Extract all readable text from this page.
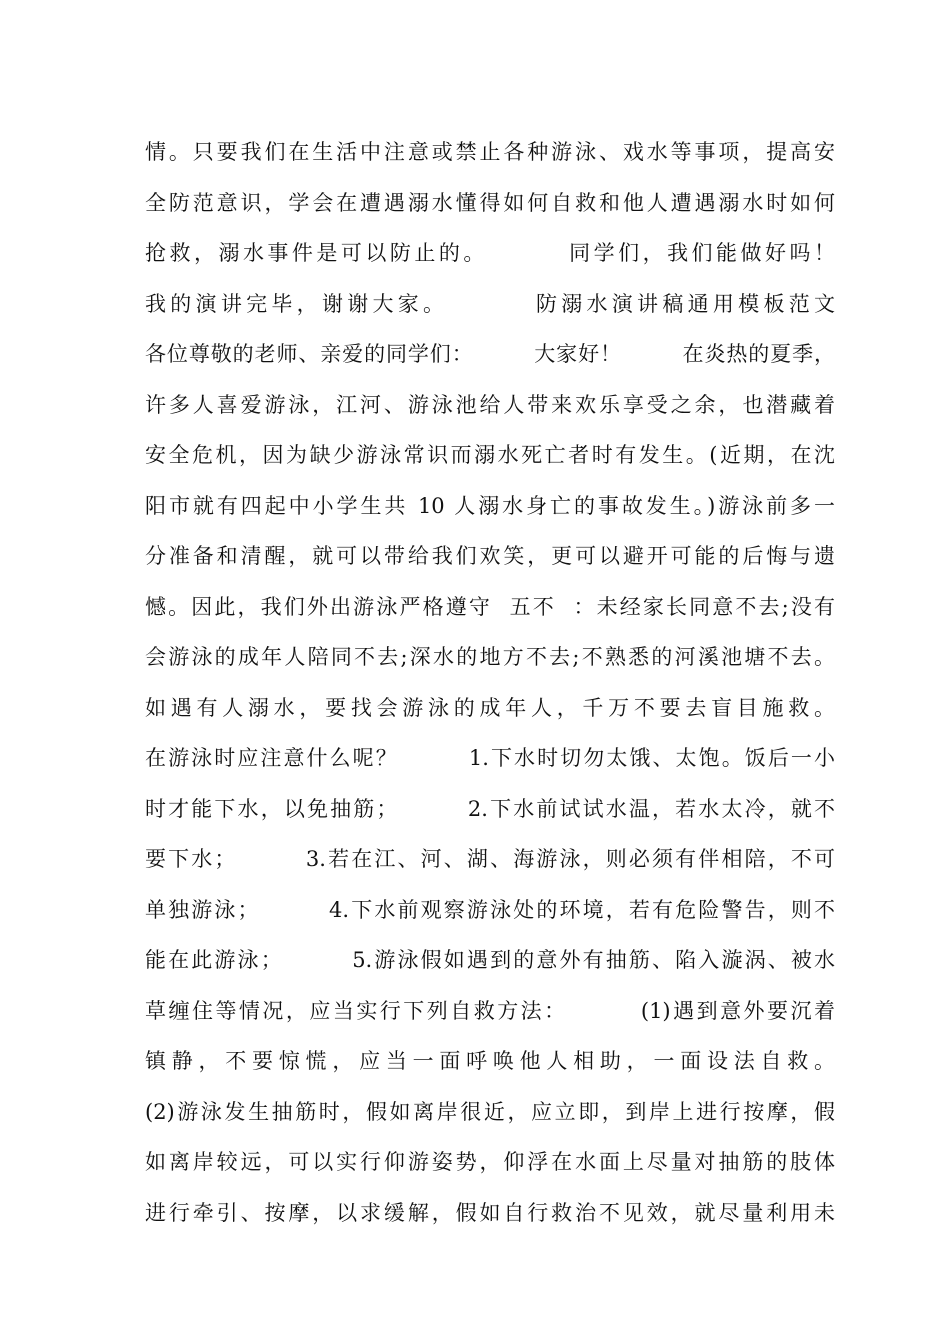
情。只要我们在生活中注意或禁止各种游泳、戏水等事项，提高安
全防范意识，学会在遭遇溺水懂得如何自救和他人遭遇溺水时如何
抢救，溺水事件是可以防止的。        同学们，我们能做好吗！
我的演讲完毕，谢谢大家。        防溺水演讲稿通用模板范文
各位尊敬的老师、亲爱的同学们：        大家好！        在炎热的夏季，
许多人喜爱游泳，江河、游泳池给人带来欢乐享受之余，也潜藏着
安全危机，因为缺少游泳常识而溺水死亡者时有发生。(近期，在沈
阳市就有四起中小学生共 10 人溺水身亡的事故发生。)游泳前多一
分准备和清醒，就可以带给我们欢笑，更可以避开可能的后悔与遗
憾。因此，我们外出游泳严格遵守  五不  ：未经家长同意不去;没有
会游泳的成年人陪同不去;深水的地方不去;不熟悉的河溪池塘不去。
如遇有人溺水，要找会游泳的成年人，千万不要去盲目施救。
在游泳时应注意什么呢？        1.下水时切勿太饿、太饱。饭后一小
时才能下水，以免抽筋；        2.下水前试试水温，若水太冷，就不
要下水；        3.若在江、河、湖、海游泳，则必须有伴相陪，不可
单独游泳；        4.下水前观察游泳处的环境，若有危险警告，则不
能在此游泳；        5.游泳假如遇到的意外有抽筋、陷入漩涡、被水
草缠住等情况，应当实行下列自救方法：        (1)遇到意外要沉着
镇静，不要惊慌，应当一面呼唤他人相助，一面设法自救。
(2)游泳发生抽筋时，假如离岸很近，应立即，到岸上进行按摩，假
如离岸较远，可以实行仰游姿势，仰浮在水面上尽量对抽筋的肢体
进行牵引、按摩，以求缓解，假如自行救治不见效，就尽量利用未
